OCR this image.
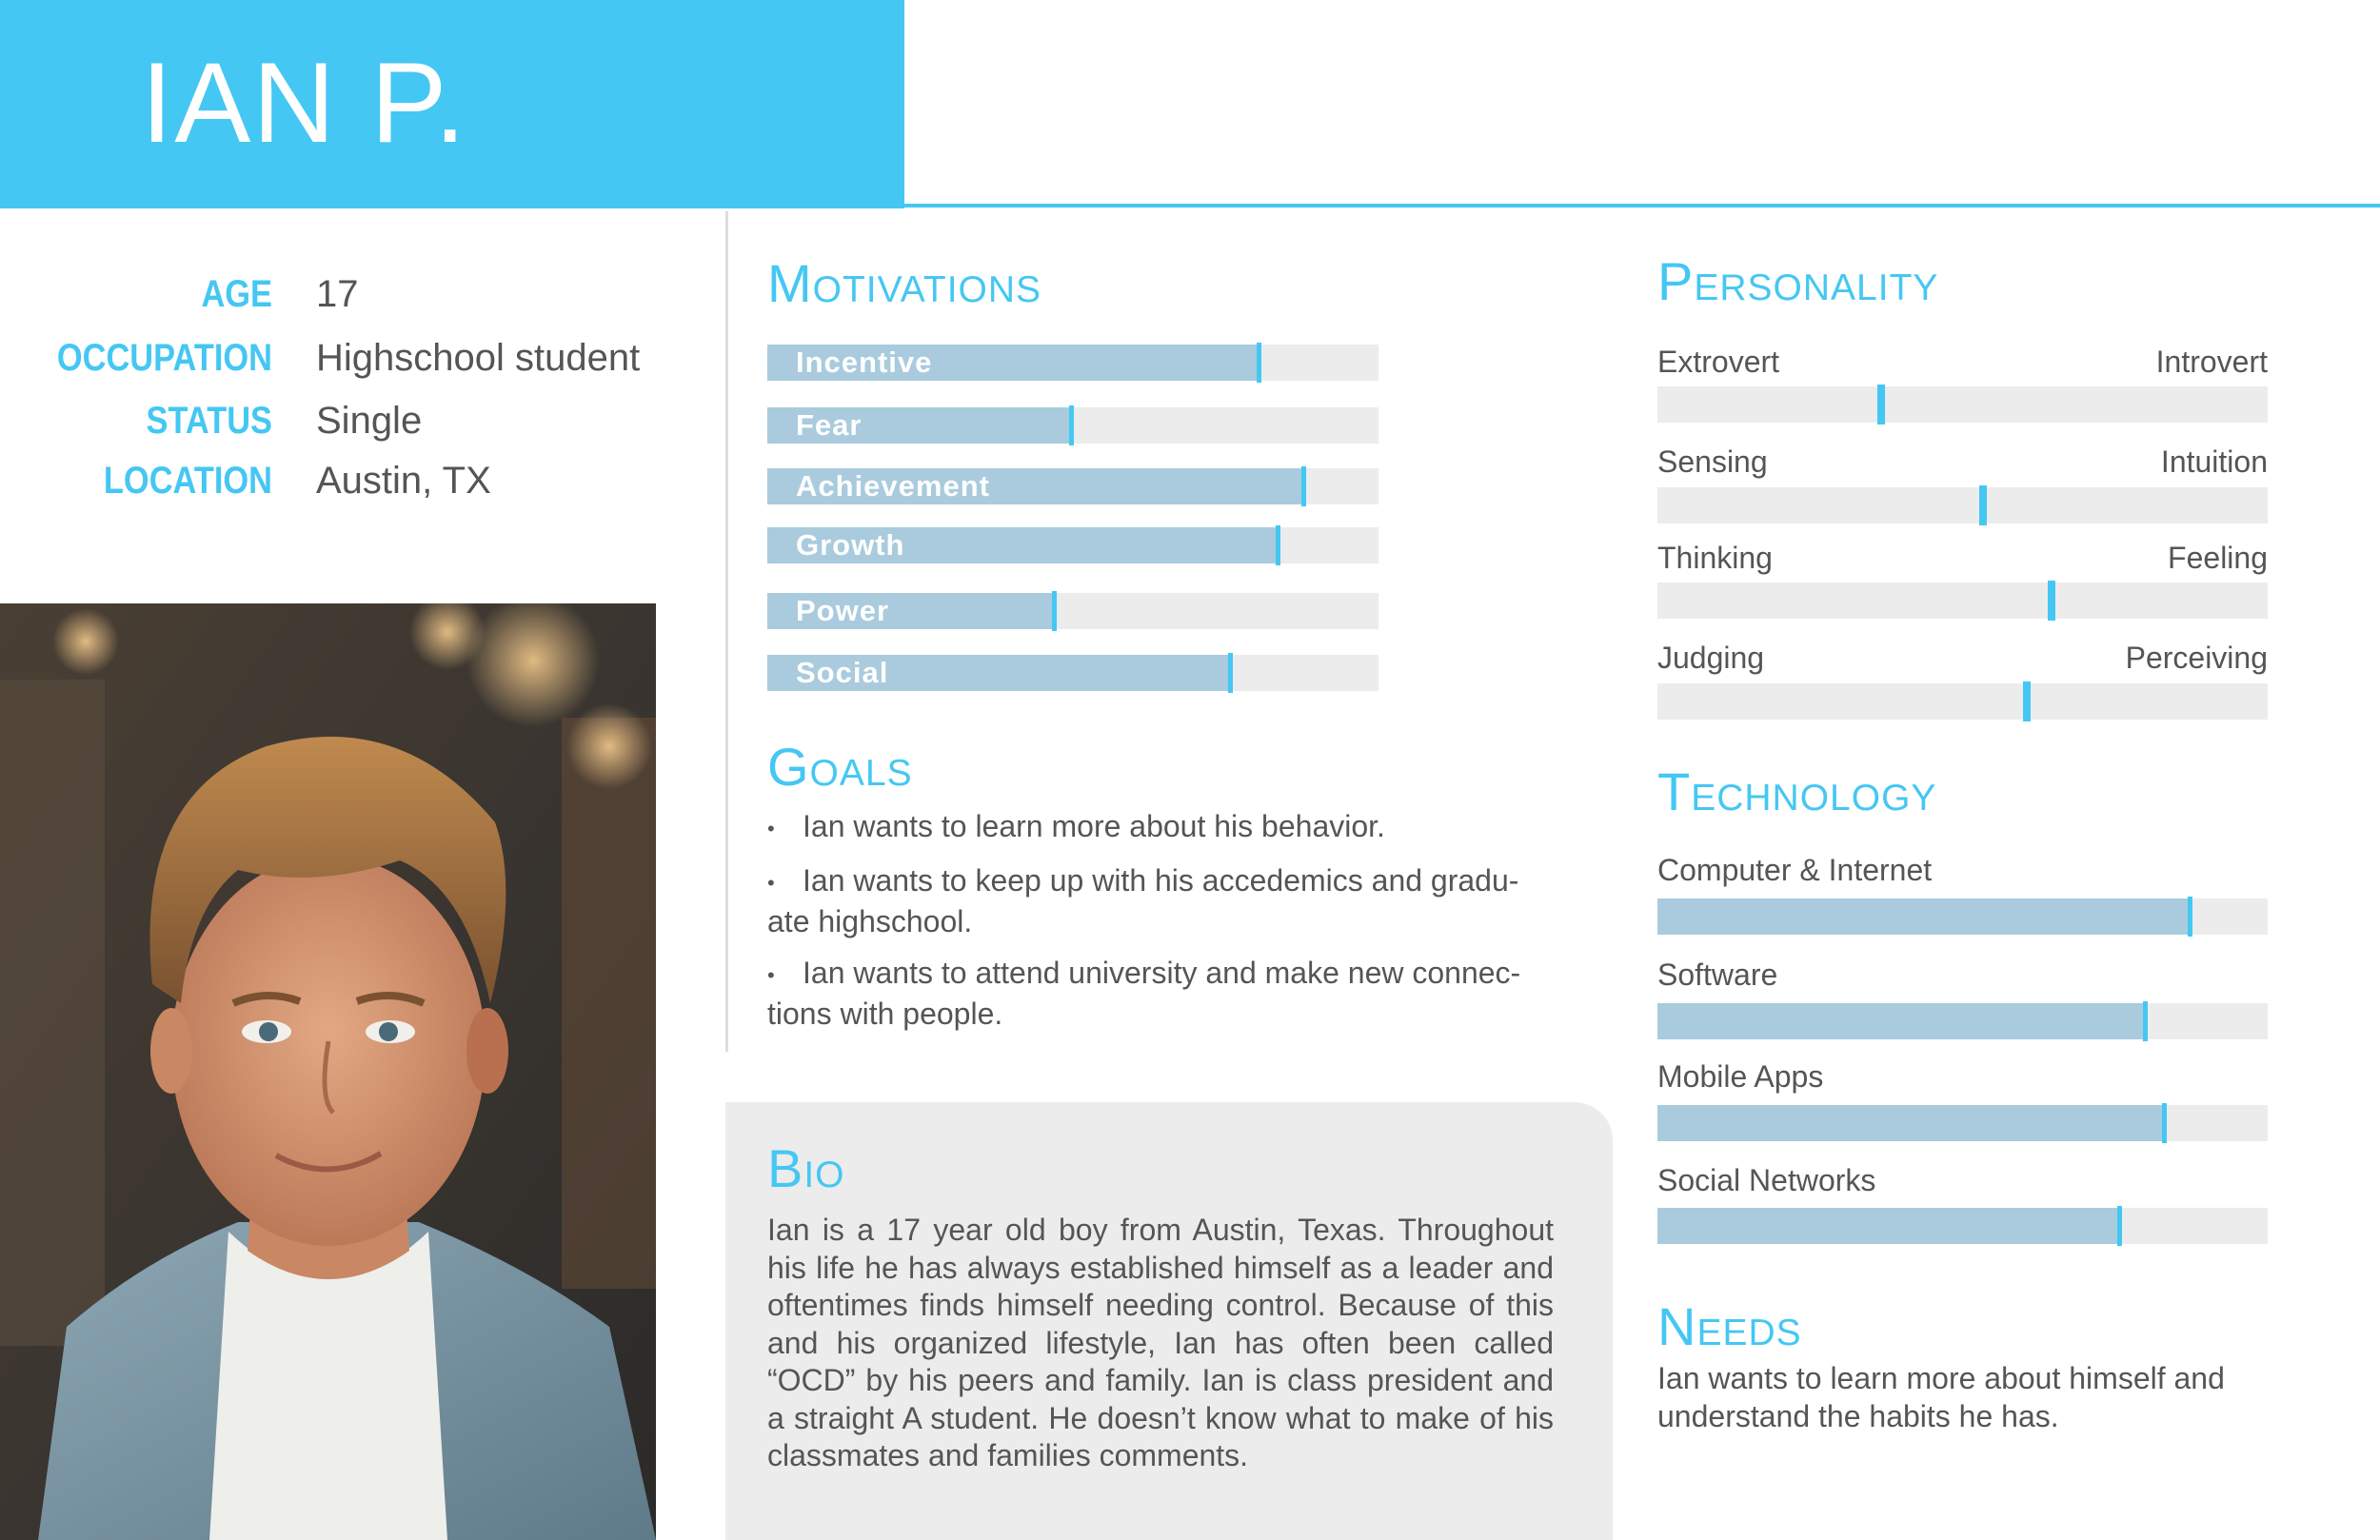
IAN P.
AGE 17
OCCUPATION Highschool student
STATUS Single
LOCATION Austin, TX
Motivations
Incentive
Fear
Achievement
Growth
Power
Social
Goals
• Ian wants to learn more about his behavior.
• Ian wants to keep up with his accedemics and gradu-
ate highschool.
• Ian wants to attend university and make new connec-
tions with people.
Bio
Ian is a 17 year old boy from Austin, Texas. Throughout his life he has always established himself as a leader and oftentimes finds himself needing control. Because of this and his organized lifestyle, Ian has often been called “OCD” by his peers and family. Ian is class president and a straight A student. He doesn’t know what to make of his classmates and families comments.
Personality
Extrovert	Introvert
Sensing	Intuition
Thinking	Feeling
Judging	Perceiving
Technology
Computer & Internet
Software
Mobile Apps
Social Networks
Needs
Ian wants to learn more about himself and understand the habits he has.
